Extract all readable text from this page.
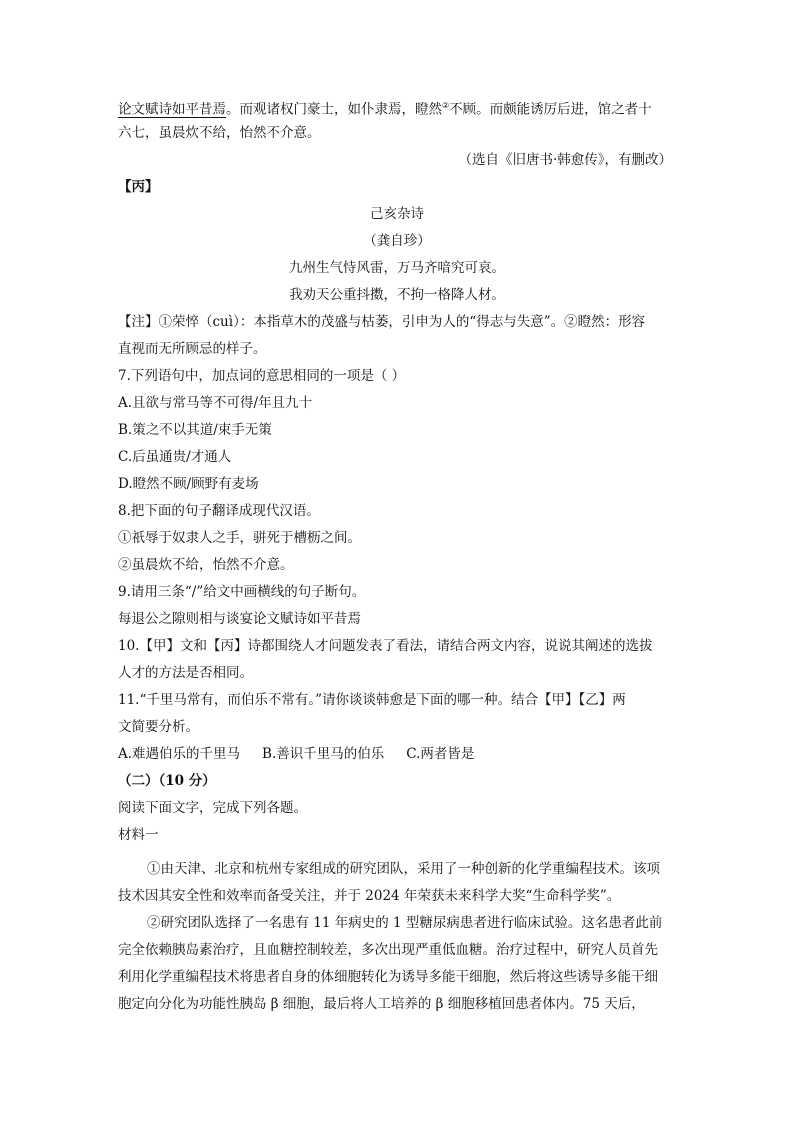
论文赋诗如平昔焉。而观诸权门豪士，如仆隶焉，瞪然②不顾。而颇能诱厉后进，馆之者十
六七，虽晨炊不给，怡然不介意。
（选自《旧唐书·韩愈传》，有删改）
【丙】
己亥杂诗
（龚自珍）
九州生气恃风雷，万马齐喑究可哀。
我劝天公重抖擞，不拘一格降人材。
【注】①荣悴（cuì）：本指草木的茂盛与枯萎，引申为人的“得志与失意”。②瞪然：形容
直视而无所顾忌的样子。
7.下列语句中，加点词的意思相同的一项是（ ）
A.且欲与常马等不可得/年且九十
B.策之不以其道/束手无策
C.后虽通贵/才通人
D.瞪然不顾/顾野有麦场
8.把下面的句子翻译成现代汉语。
①祇辱于奴隶人之手，骈死于槽枥之间。
②虽晨炊不给，怡然不介意。
9.请用三条“/”给文中画横线的句子断句。
每退公之隙则相与谈宴论文赋诗如平昔焉
10.【甲】文和【丙】诗都围绕人才问题发表了看法，请结合两文内容，说说其阐述的选拔
人才的方法是否相同。
11.“千里马常有，而伯乐不常有。”请你谈谈韩愈是下面的哪一种。结合【甲】【乙】两
文简要分析。
A.难遇伯乐的千里马 B.善识千里马的伯乐 C.两者皆是
（二）（10 分）
阅读下面文字，完成下列各题。
材料一
①由天津、北京和杭州专家组成的研究团队，采用了一种创新的化学重编程技术。该项
技术因其安全性和效率而备受关注，并于 2024 年荣获未来科学大奖“生命科学奖”。
②研究团队选择了一名患有 11 年病史的 1 型糖尿病患者进行临床试验。这名患者此前
完全依赖胰岛素治疗，且血糖控制较差，多次出现严重低血糖。治疗过程中，研究人员首先
利用化学重编程技术将患者自身的体细胞转化为诱导多能干细胞，然后将这些诱导多能干细
胞定向分化为功能性胰岛 β 细胞，最后将人工培养的 β 细胞移植回患者体内。75 天后，
